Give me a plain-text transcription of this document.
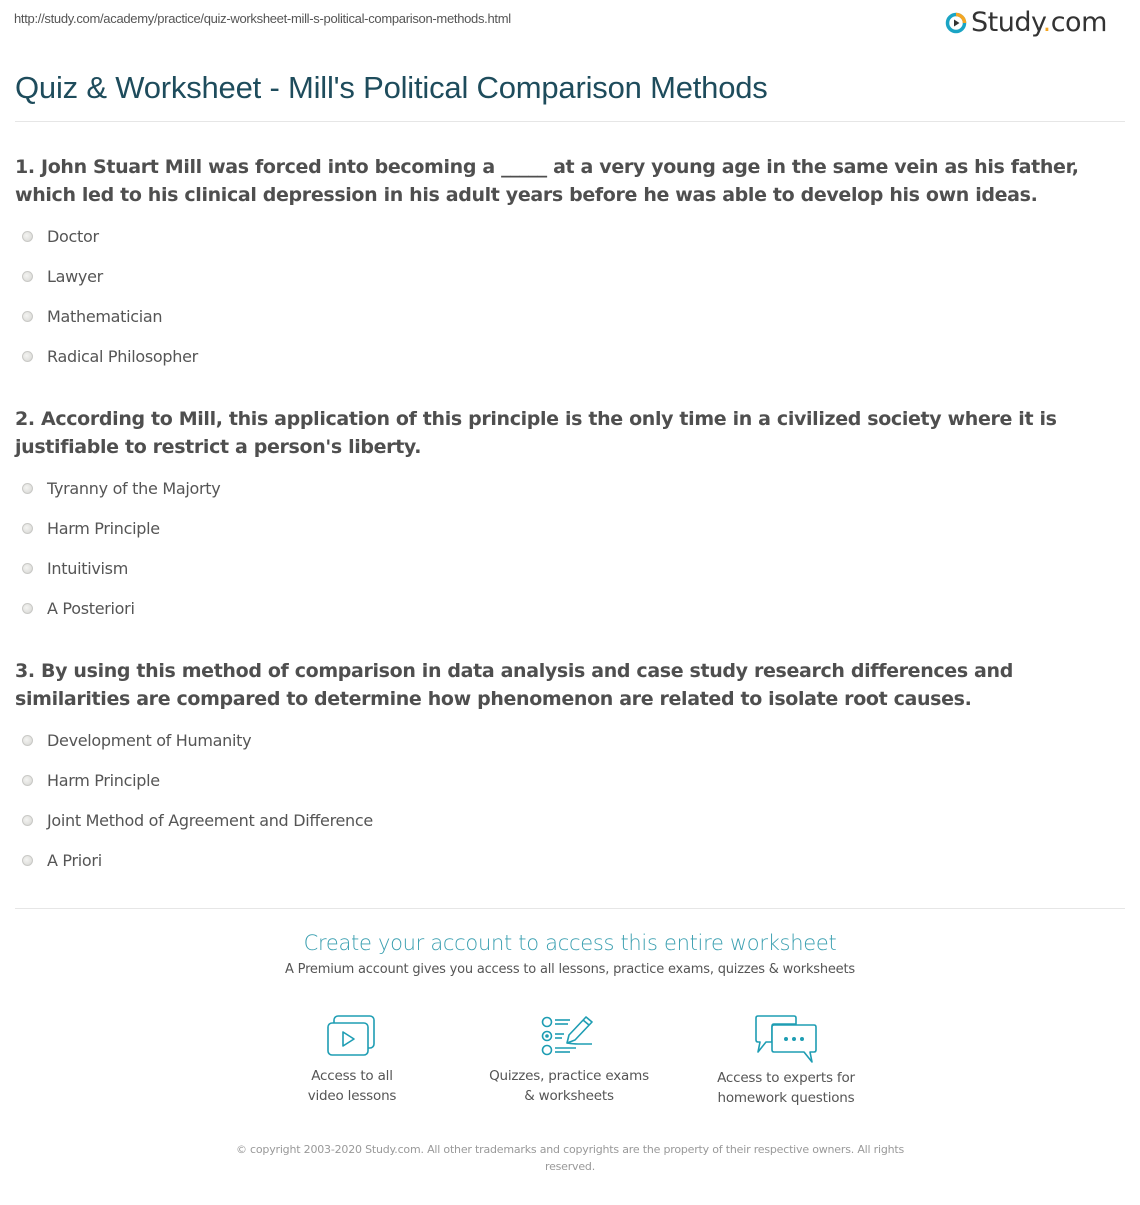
http://study.com/academy/practice/quiz-worksheet-mill-s-political-comparison-methods.html	Study.com
Quiz & Worksheet - Mill's Political Comparison Methods

1. John Stuart Mill was forced into becoming a _____ at a very young age in the same vein as his father, which led to his clinical depression in his adult years before he was able to develop his own ideas.

Doctor
Lawyer
Mathematician
Radical Philosopher

2. According to Mill, this application of this principle is the only time in a civilized society where it is justifiable to restrict a person's liberty.

Tyranny of the Majorty
Harm Principle
Intuitivism
A Posteriori

3. By using this method of comparison in data analysis and case study research differences and similarities are compared to determine how phenomenon are related to isolate root causes.

Development of Humanity
Harm Principle
Joint Method of Agreement and Difference
A Priori
Create your account to access this entire worksheet
A Premium account gives you access to all lessons, practice exams, quizzes & worksheets
Access to all
video lessons
Quizzes, practice exams
& worksheets
Access to experts for
homework questions
© copyright 2003-2020 Study.com. All other trademarks and copyrights are the property of their respective owners. All rights
reserved.
